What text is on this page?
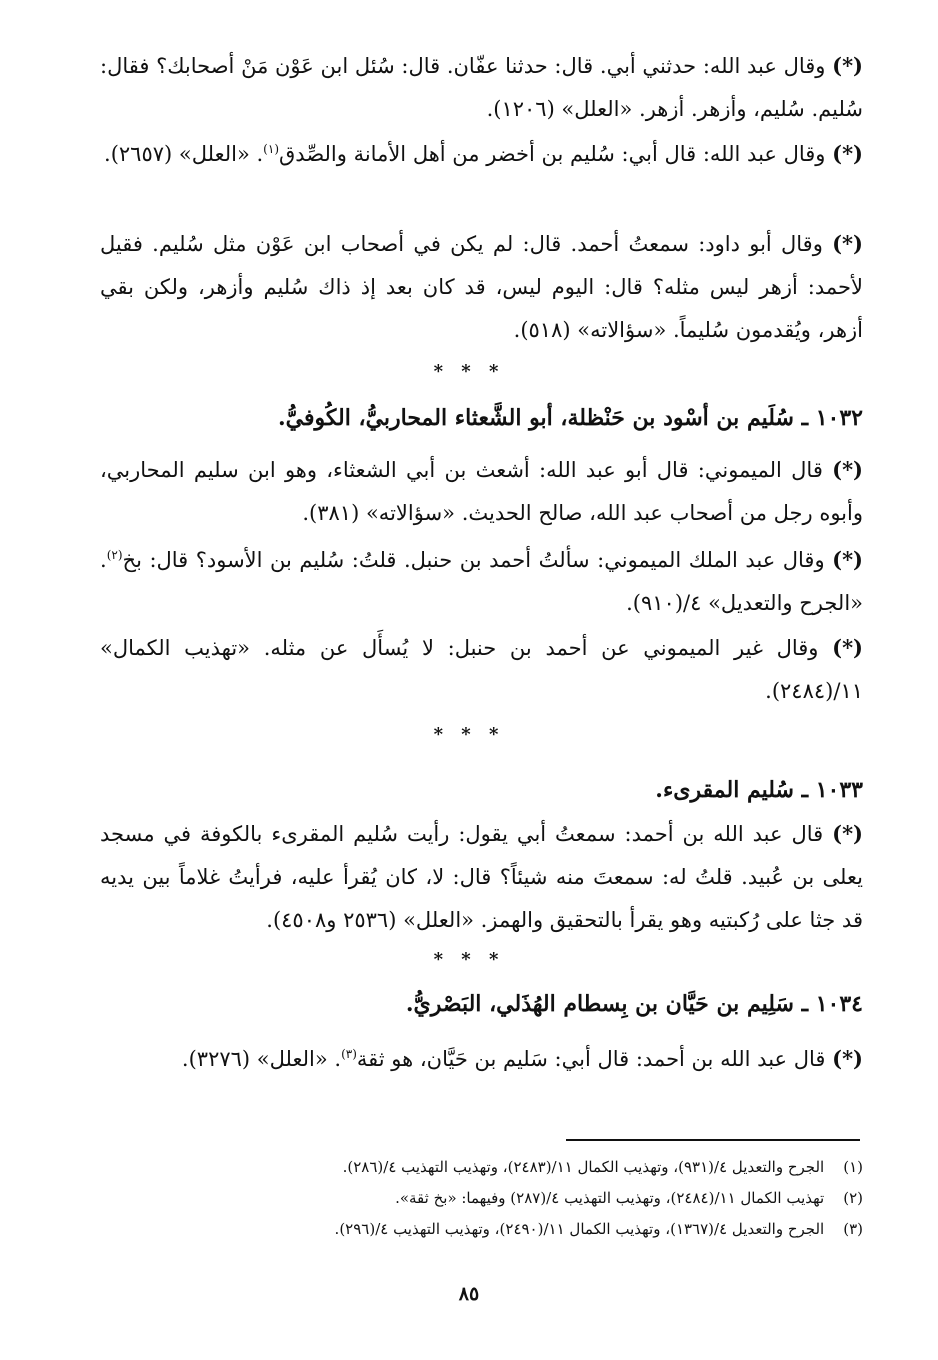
(*) وقال عبد الله: حدثني أبي. قال: حدثنا عفّان. قال: سُئل ابن عَوْن مَنْ أصحابك؟ فقال: سُليم. سُليم، وأزهر. أزهر. «العلل» (١٢٠٦).

(*) وقال عبد الله: قال أبي: سُليم بن أخضر من أهل الأمانة والصِّدق$^{(١)}$. «العلل» (٢٦٥٧).

(*) وقال أبو داود: سمعتُ أحمد. قال: لم يكن في أصحاب ابن عَوْن مثل سُليم. فقيل لأحمد: أزهر ليس مثله؟ قال: اليوم ليس، قد كان بعد إذ ذاك سُليم وأزهر، ولكن بقي أزهر، ويُقدمون سُليماً. «سؤالاته» (٥١٨).

* * *
١٠٣٢ ـ سُلَيم بن أسْود بن حَنْظلة، أبو الشَّعثاء المحاربيُّ، الكُوفيُّ.

(*) قال الميموني: قال أبو عبد الله: أشعث بن أبي الشعثاء، وهو ابن سليم المحاربي، وأبوه رجل من أصحاب عبد الله، صالح الحديث. «سؤالاته» (٣٨١).

(*) وقال عبد الملك الميموني: سألتُ أحمد بن حنبل. قلتُ: سُليم بن الأسود؟ قال: بخ$^{(٢)}$. «الجرح والتعديل» ٤/(٩١٠).

(*) وقال غير الميموني عن أحمد بن حنبل: لا يُسأَل عن مثله. «تهذيب الكمال» ١١/(٢٤٨٤).

* * *
١٠٣٣ ـ سُليم المقرىء.

(*) قال عبد الله بن أحمد: سمعتُ أبي يقول: رأيت سُليم المقرىء بالكوفة في مسجد يعلى بن عُبيد. قلتُ له: سمعتَ منه شيئاً؟ قال: لا، كان يُقرأ عليه، فرأيتُ غلاماً بين يديه قد جثا على رُكبتيه وهو يقرأ بالتحقيق والهمز. «العلل» (٢٥٣٦ و٤٥٠٨).

* * *
١٠٣٤ ـ سَلِيم بن حَيَّان بن بِسطام الهُذَلي، البَصْريُّ.

(*) قال عبد الله بن أحمد: قال أبي: سَليم بن حَيَّان، هو ثقة$^{(٣)}$. «العلل» (٣٢٧٦).

(١) الجرح والتعديل ٤/(٩٣١)، وتهذيب الكمال ١١/(٢٤٨٣)، وتهذيب التهذيب ٤/(٢٨٦).
(٢) تهذيب الكمال ١١/(٢٤٨٤)، وتهذيب التهذيب ٤/(٢٨٧) وفيهما: «بخ ثقة».
(٣) الجرح والتعديل ٤/(١٣٦٧)، وتهذيب الكمال ١١/(٢٤٩٠)، وتهذيب التهذيب ٤/(٢٩٦).
٨٥
